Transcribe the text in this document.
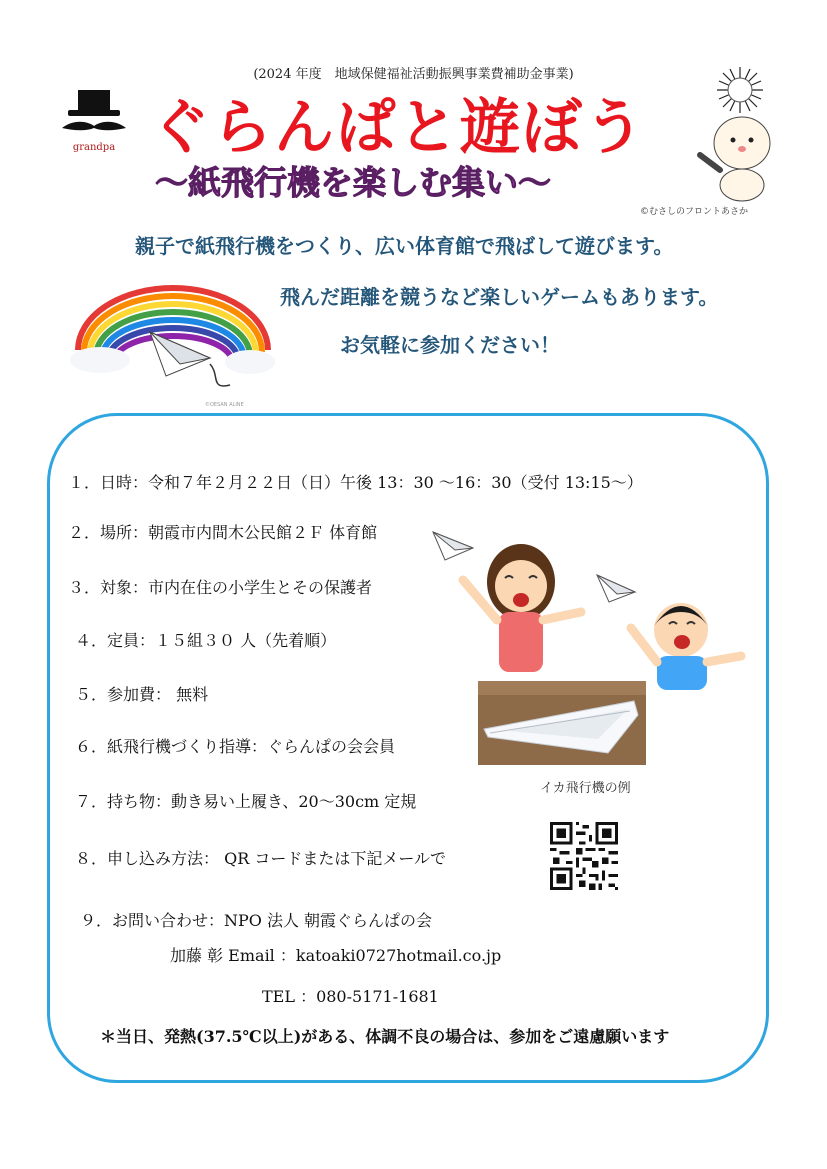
(2024 年度　地域保健福祉活動振興事業費補助金事業)
grandpa ぐらんぱと遊ぼう
〜紙飛行機を楽しむ集い〜
©むさしのフロントあさか
親子で紙飛行機をつくり、広い体育館で飛ばして遊びます。
飛んだ距離を競うなど楽しいゲームもあります。
お気軽に参加ください！
©OESAN ALINE
１．日時：令和７年２月２２日（日）午後 13：30 〜16：30（受付 13:15〜）
２．場所：朝霞市内間木公民館２Ｆ 体育館
３．対象：市内在住の小学生とその保護者
４．定員：１５組３０ 人（先着順）
５．参加費： 無料
６．紙飛行機づくり指導：ぐらんぱの会会員
７．持ち物：動き易い上履き、20〜30cm 定規
８．申し込み方法： QR コードまたは下記メールで
９．お問い合わせ：NPO 法人 朝霞ぐらんぱの会
加藤 彰 Email ：katoaki0727hotmail.co.jp
TEL ：080-5171-1681
＊当日、発熱(37.5℃以上)がある、体調不良の場合は、参加をご遠慮願います
イカ飛行機の例
